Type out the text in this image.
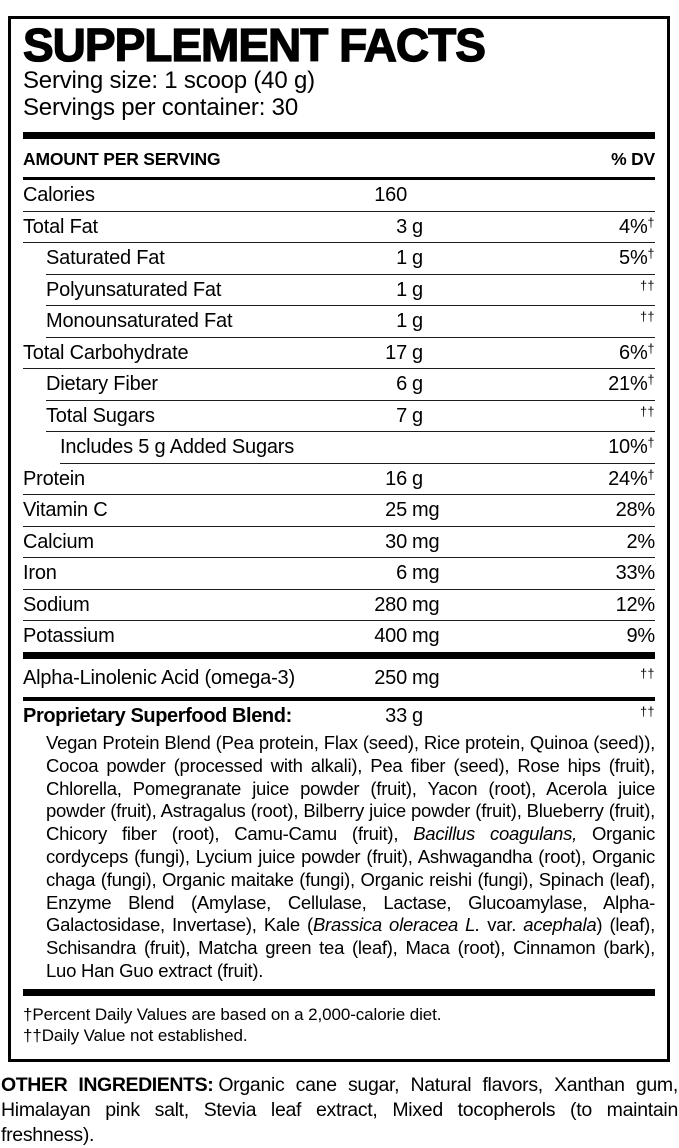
SUPPLEMENT FACTS
Serving size: 1 scoop (40 g)
Servings per container: 30
AMOUNT PER SERVING	% DV
Calories	160
Total Fat	3 g	4%†
Saturated Fat	1 g	5%†
Polyunsaturated Fat	1 g	††
Monounsaturated Fat	1 g	††
Total Carbohydrate	17 g	6%†
Dietary Fiber	6 g	21%†
Total Sugars	7 g	††
Includes 5 g Added Sugars	10%†
Protein	16 g	24%†
Vitamin C	25 mg	28%
Calcium	30 mg	2%
Iron	6 mg	33%
Sodium	280 mg	12%
Potassium	400 mg	9%
Alpha-Linolenic Acid (omega-3)	250 mg	††
Proprietary Superfood Blend:	33 g	††
Vegan Protein Blend (Pea protein, Flax (seed), Rice protein, Quinoa (seed)), Cocoa powder (processed with alkali), Pea fiber (seed), Rose hips (fruit), Chlorella, Pomegranate juice powder (fruit), Yacon (root), Acerola juice powder (fruit), Astragalus (root), Bilberry juice powder (fruit), Blueberry (fruit), Chicory fiber (root), Camu-Camu (fruit), Bacillus coagulans, Organic cordyceps (fungi), Lycium juice powder (fruit), Ashwagandha (root), Organic chaga (fungi), Organic maitake (fungi), Organic reishi (fungi), Spinach (leaf), Enzyme Blend (Amylase, Cellulase, Lactase, Glucoamylase, Alpha-Galactosidase, Invertase), Kale (Brassica oleracea L. var. acephala) (leaf), Schisandra (fruit), Matcha green tea (leaf), Maca (root), Cinnamon (bark), Luo Han Guo extract (fruit).
†Percent Daily Values are based on a 2,000-calorie diet.
††Daily Value not established.
OTHER INGREDIENTS: Organic cane sugar, Natural flavors, Xanthan gum, Himalayan pink salt, Stevia leaf extract, Mixed tocopherols (to maintain freshness).
